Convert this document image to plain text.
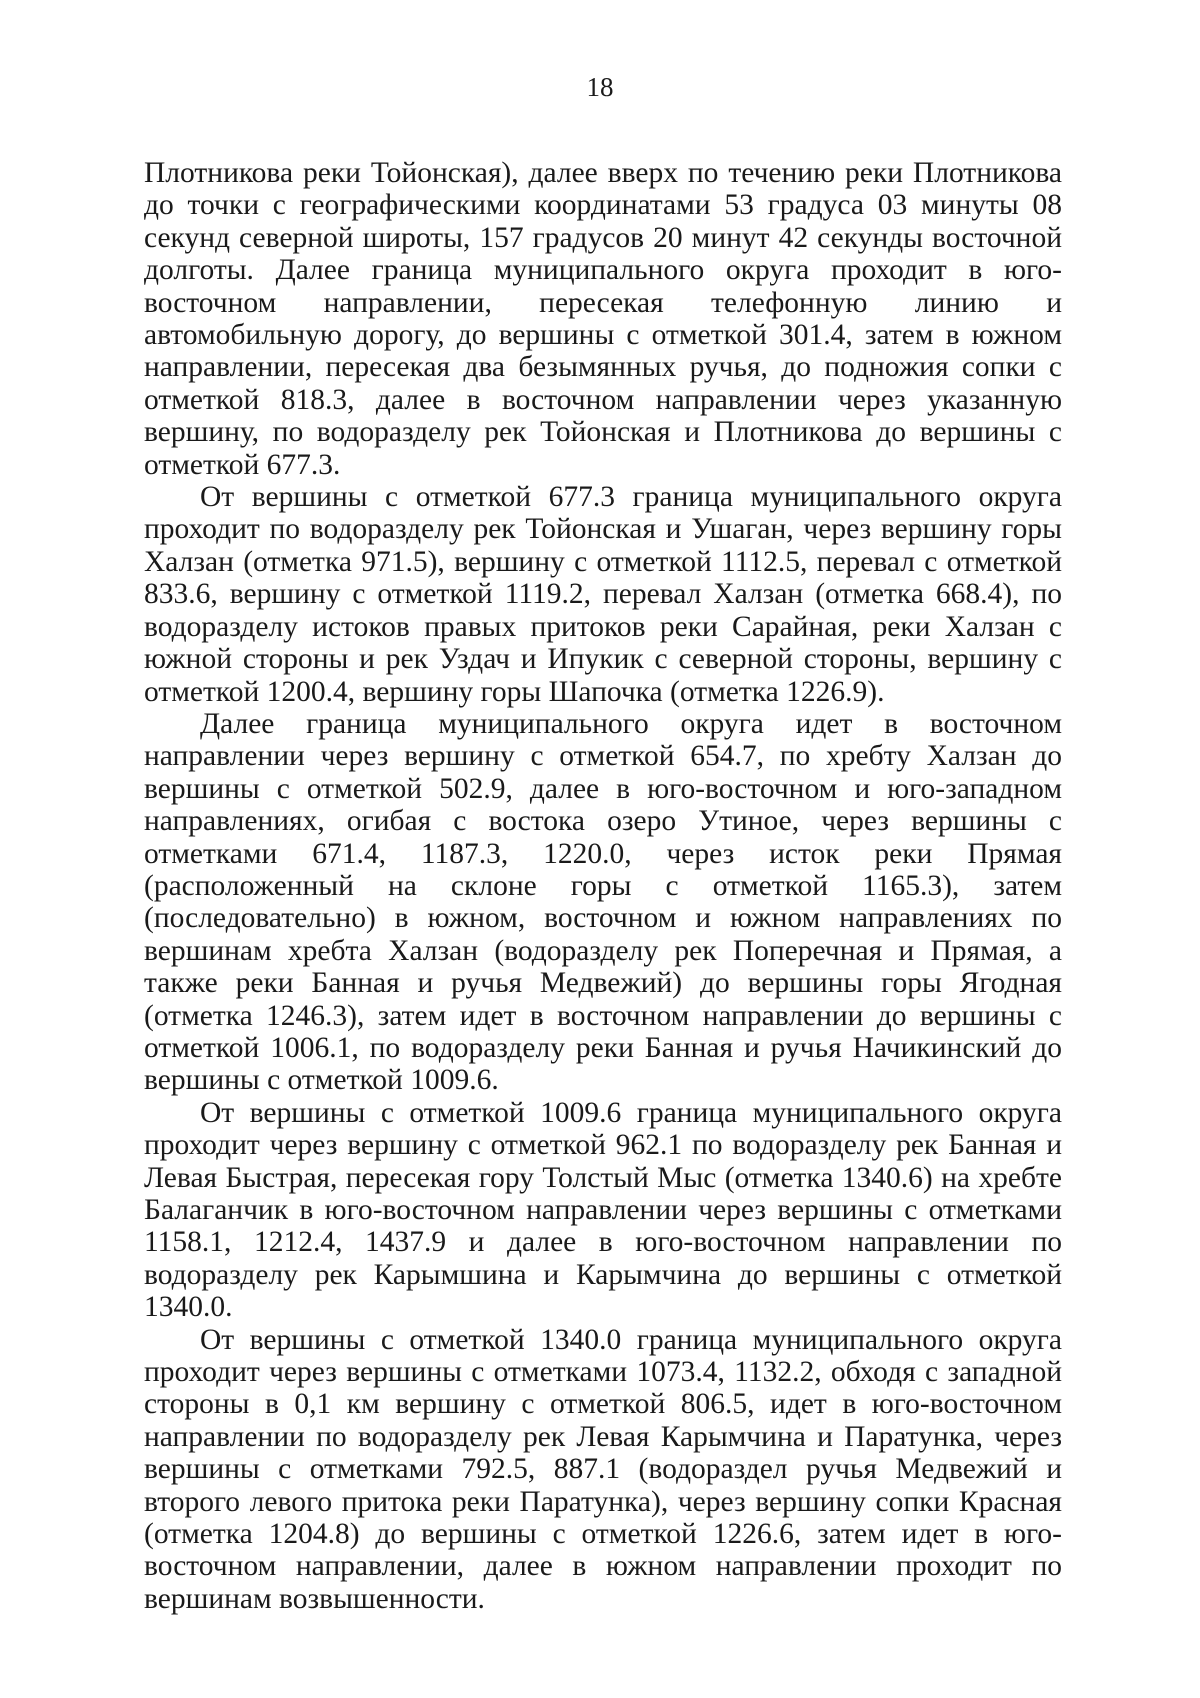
18

Плотникова реки Тойонская), далее вверх по течению реки Плотникова до точки с географическими координатами 53 градуса 03 минуты 08 секунд северной широты, 157 градусов 20 минут 42 секунды восточной долготы. Далее граница муниципального округа проходит в юго-восточном направлении, пересекая телефонную линию и автомобильную дорогу, до вершины с отметкой 301.4, затем в южном направлении, пересекая два безымянных ручья, до подножия сопки с отметкой 818.3, далее в восточном направлении через указанную вершину, по водоразделу рек Тойонская и Плотникова до вершины с отметкой 677.3.

От вершины с отметкой 677.3 граница муниципального округа проходит по водоразделу рек Тойонская и Ушаган, через вершину горы Халзан (отметка 971.5), вершину с отметкой 1112.5, перевал с отметкой 833.6, вершину с отметкой 1119.2, перевал Халзан (отметка 668.4), по водоразделу истоков правых притоков реки Сарайная, реки Халзан с южной стороны и рек Уздач и Ипукик с северной стороны, вершину с отметкой 1200.4, вершину горы Шапочка (отметка 1226.9).

Далее граница муниципального округа идет в восточном направлении через вершину с отметкой 654.7, по хребту Халзан до вершины с отметкой 502.9, далее в юго-восточном и юго-западном направлениях, огибая с востока озеро Утиное, через вершины с отметками 671.4, 1187.3, 1220.0, через исток реки Прямая (расположенный на склоне горы с отметкой 1165.3), затем (последовательно) в южном, восточном и южном направлениях по вершинам хребта Халзан (водоразделу рек Поперечная и Прямая, а также реки Банная и ручья Медвежий) до вершины горы Ягодная (отметка 1246.3), затем идет в восточном направлении до вершины с отметкой 1006.1, по водоразделу реки Банная и ручья Начикинский до вершины с отметкой 1009.6.

От вершины с отметкой 1009.6 граница муниципального округа проходит через вершину с отметкой 962.1 по водоразделу рек Банная и Левая Быстрая, пересекая гору Толстый Мыс (отметка 1340.6) на хребте Балаганчик в юго-восточном направлении через вершины с отметками 1158.1, 1212.4, 1437.9 и далее в юго-восточном направлении по водоразделу рек Карымшина и Карымчина до вершины с отметкой 1340.0.

От вершины с отметкой 1340.0 граница муниципального округа проходит через вершины с отметками 1073.4, 1132.2, обходя с западной стороны в 0,1 км вершину с отметкой 806.5, идет в юго-восточном направлении по водоразделу рек Левая Карымчина и Паратунка, через вершины с отметками 792.5, 887.1 (водораздел ручья Медвежий и второго левого притока реки Паратунка), через вершину сопки Красная (отметка 1204.8) до вершины с отметкой 1226.6, затем идет в юго-восточном направлении, далее в южном направлении проходит по вершинам возвышенности.
